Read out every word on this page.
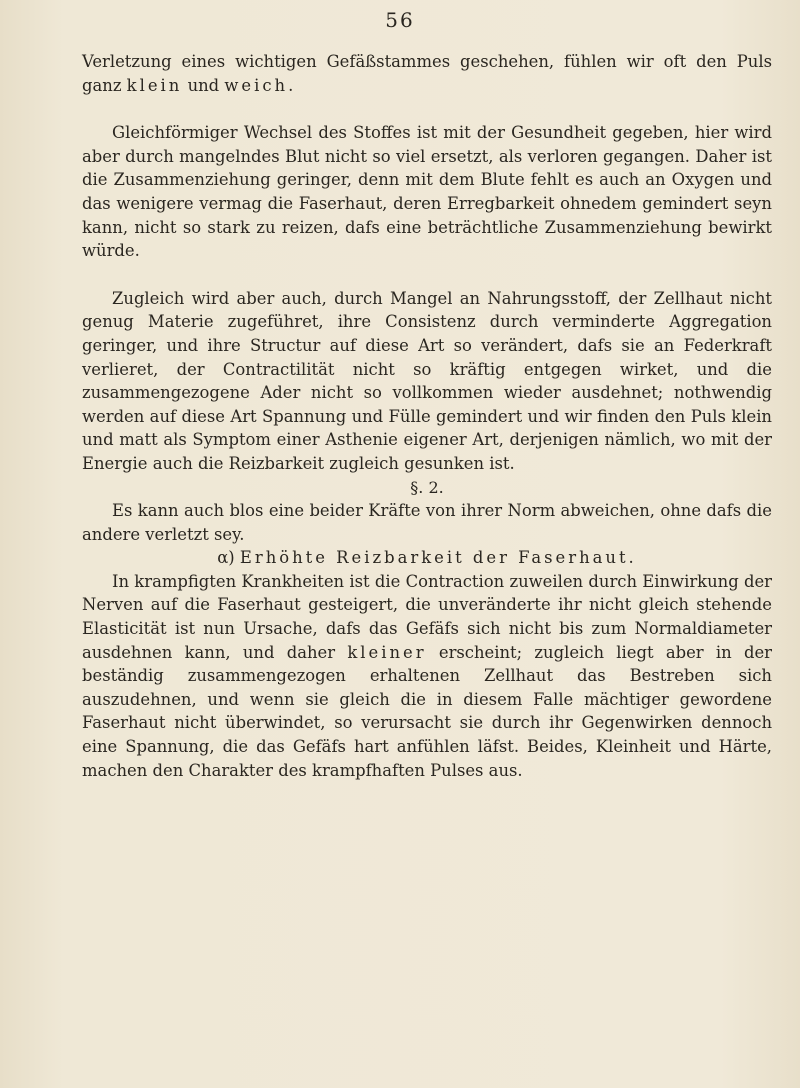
56

Verletzung eines wichtigen Gefäßstammes geschehen, fühlen wir oft den Puls ganz klein und weich.

Gleichförmiger Wechsel des Stoffes ist mit der Gesundheit gegeben, hier wird aber durch mangelndes Blut nicht so viel ersetzt, als verloren gegangen. Daher ist die Zusammenziehung geringer, denn mit dem Blute fehlt es auch an Oxygen und das wenigere vermag die Faserhaut, deren Erregbarkeit ohnedem gemindert seyn kann, nicht so stark zu reizen, dafs eine beträchtliche Zusammenziehung bewirkt würde.

Zugleich wird aber auch, durch Mangel an Nahrungsstoff, der Zellhaut nicht genug Materie zugeführet, ihre Consistenz durch verminderte Aggregation geringer, und ihre Structur auf diese Art so verändert, dafs sie an Federkraft verlieret, der Contractilität nicht so kräftig entgegen wirket, und die zusammengezogene Ader nicht so vollkommen wieder ausdehnet; nothwendig werden auf diese Art Spannung und Fülle gemindert und wir finden den Puls klein und matt als Symptom einer Asthenie eigener Art, derjenigen nämlich, wo mit der Energie auch die Reizbarkeit zugleich gesunken ist.

§. 2.

Es kann auch blos eine beider Kräfte von ihrer Norm abweichen, ohne dafs die andere verletzt sey.

α) Erhöhte Reizbarkeit der Faserhaut.

In krampfigten Krankheiten ist die Contraction zuweilen durch Einwirkung der Nerven auf die Faserhaut gesteigert, die unveränderte ihr nicht gleich stehende Elasticität ist nun Ursache, dafs das Gefäfs sich nicht bis zum Normaldiameter ausdehnen kann, und daher kleiner erscheint; zugleich liegt aber in der beständig zusammengezogen erhaltenen Zellhaut das Bestreben sich auszudehnen, und wenn sie gleich die in diesem Falle mächtiger gewordene Faserhaut nicht überwindet, so verursacht sie durch ihr Gegenwirken dennoch eine Spannung, die das Gefäfs hart anfühlen läfst. Beides, Kleinheit und Härte, machen den Charakter des krampfhaften Pulses aus.
